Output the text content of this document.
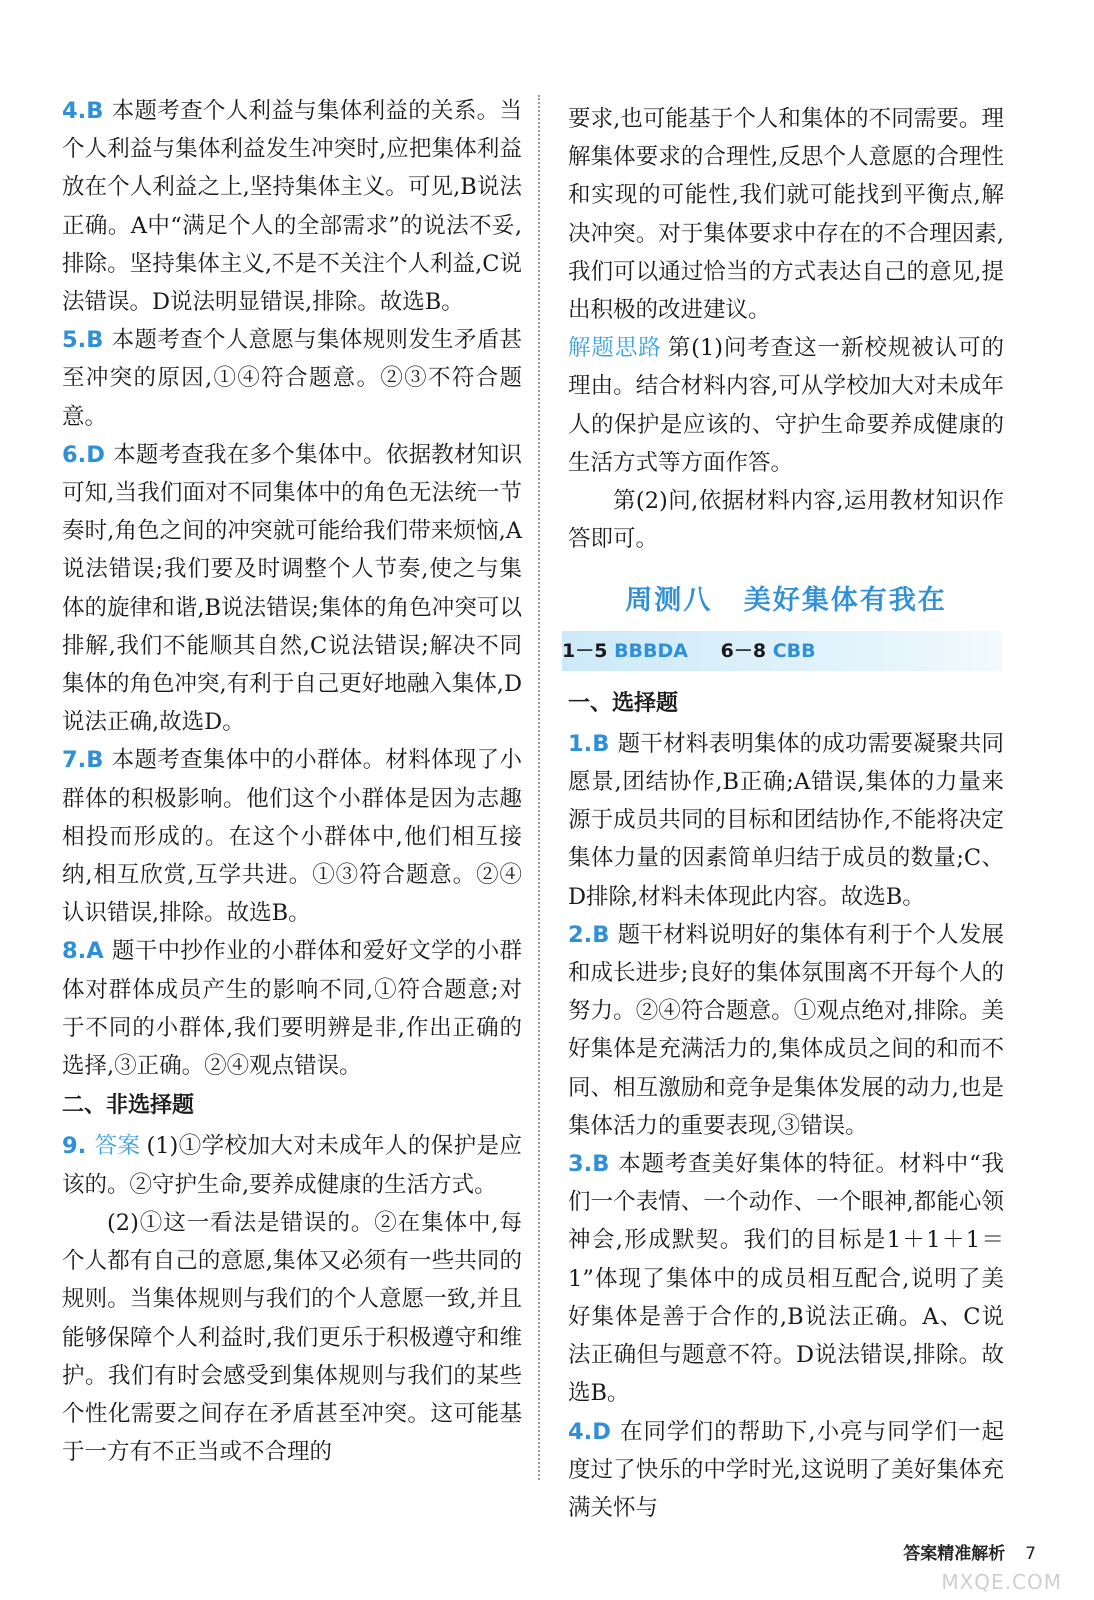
4.B 本题考查个人利益与集体利益的关系。当个人利益与集体利益发生冲突时,应把集体利益放在个人利益之上,坚持集体主义。可见,B说法正确。A中“满足个人的全部需求”的说法不妥,排除。坚持集体主义,不是不关注个人利益,C说法错误。D说法明显错误,排除。故选B。

5.B 本题考查个人意愿与集体规则发生矛盾甚至冲突的原因,①④符合题意。②③不符合题意。

6.D 本题考查我在多个集体中。依据教材知识可知,当我们面对不同集体中的角色无法统一节奏时,角色之间的冲突就可能给我们带来烦恼,A说法错误;我们要及时调整个人节奏,使之与集体的旋律和谐,B说法错误;集体的角色冲突可以排解,我们不能顺其自然,C说法错误;解决不同集体的角色冲突,有利于自己更好地融入集体,D说法正确,故选D。

7.B 本题考查集体中的小群体。材料体现了小群体的积极影响。他们这个小群体是因为志趣相投而形成的。在这个小群体中,他们相互接纳,相互欣赏,互学共进。①③符合题意。②④认识错误,排除。故选B。

8.A 题干中抄作业的小群体和爱好文学的小群体对群体成员产生的影响不同,①符合题意;对于不同的小群体,我们要明辨是非,作出正确的选择,③正确。②④观点错误。

二、非选择题

9. 答案 (1)①学校加大对未成年人的保护是应该的。②守护生命,要养成健康的生活方式。

(2)①这一看法是错误的。②在集体中,每个人都有自己的意愿,集体又必须有一些共同的规则。当集体规则与我们的个人意愿一致,并且能够保障个人利益时,我们更乐于积极遵守和维护。我们有时会感受到集体规则与我们的某些个性化需要之间存在矛盾甚至冲突。这可能基于一方有不正当或不合理的

要求,也可能基于个人和集体的不同需要。理解集体要求的合理性,反思个人意愿的合理性和实现的可能性,我们就可能找到平衡点,解决冲突。对于集体要求中存在的不合理因素,我们可以通过恰当的方式表达自己的意见,提出积极的改进建议。

解题思路 第(1)问考查这一新校规被认可的理由。结合材料内容,可从学校加大对未成年人的保护是应该的、守护生命要养成健康的生活方式等方面作答。

第(2)问,依据材料内容,运用教材知识作答即可。

周测八 美好集体有我在
1－5 BBBDA 6－8 CBB
一、选择题

1.B 题干材料表明集体的成功需要凝聚共同愿景,团结协作,B正确;A错误,集体的力量来源于成员共同的目标和团结协作,不能将决定集体力量的因素简单归结于成员的数量;C、D排除,材料未体现此内容。故选B。

2.B 题干材料说明好的集体有利于个人发展和成长进步;良好的集体氛围离不开每个人的努力。②④符合题意。①观点绝对,排除。美好集体是充满活力的,集体成员之间的和而不同、相互激励和竞争是集体发展的动力,也是集体活力的重要表现,③错误。

3.B 本题考查美好集体的特征。材料中“我们一个表情、一个动作、一个眼神,都能心领神会,形成默契。我们的目标是1＋1＋1＝1”体现了集体中的成员相互配合,说明了美好集体是善于合作的,B说法正确。A、C说法正确但与题意不符。D说法错误,排除。故选B。

4.D 在同学们的帮助下,小亮与同学们一起度过了快乐的中学时光,这说明了美好集体充满关怀与

答案精准解析 7
MXQE.COM
